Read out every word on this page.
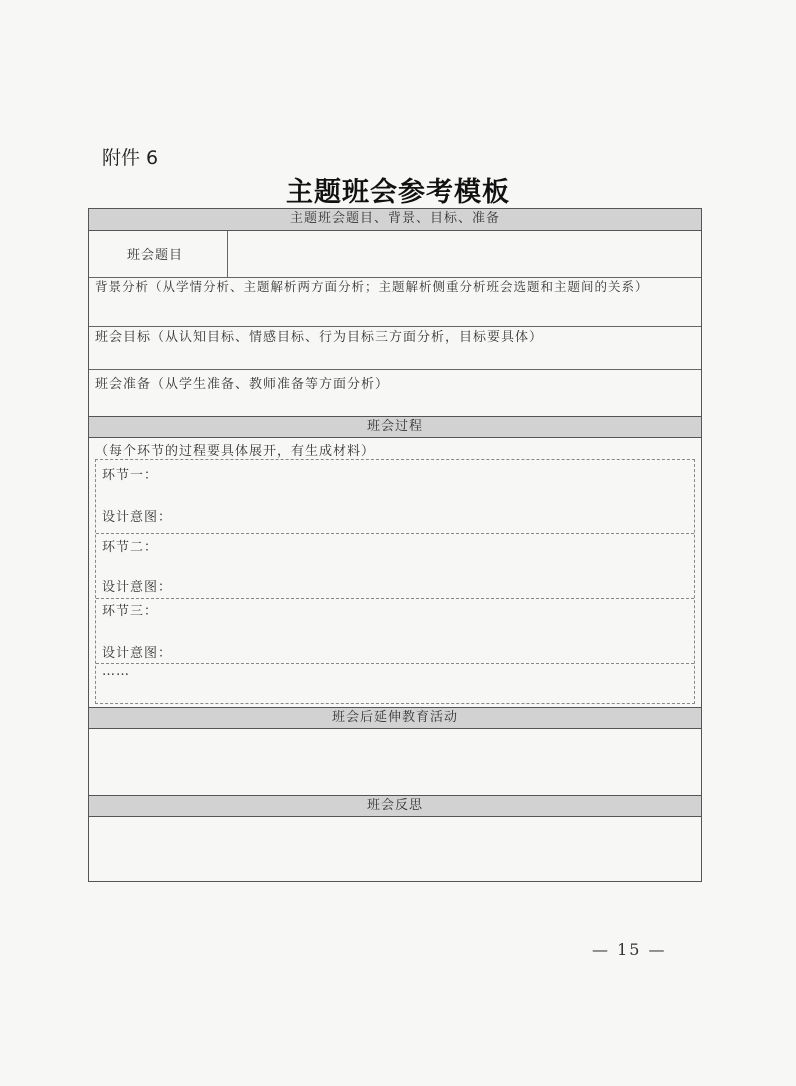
附件 6
主题班会参考模板
主题班会题目、背景、目标、准备
班会题目
背景分析（从学情分析、主题解析两方面分析；主题解析侧重分析班会选题和主题间的关系）
班会目标（从认知目标、情感目标、行为目标三方面分析，目标要具体）
班会准备（从学生准备、教师准备等方面分析）
班会过程
（每个环节的过程要具体展开，有生成材料）
环节一：
设计意图：
环节二：
设计意图：
环节三：
设计意图：
……
班会后延伸教育活动
班会反思
— 15 —
